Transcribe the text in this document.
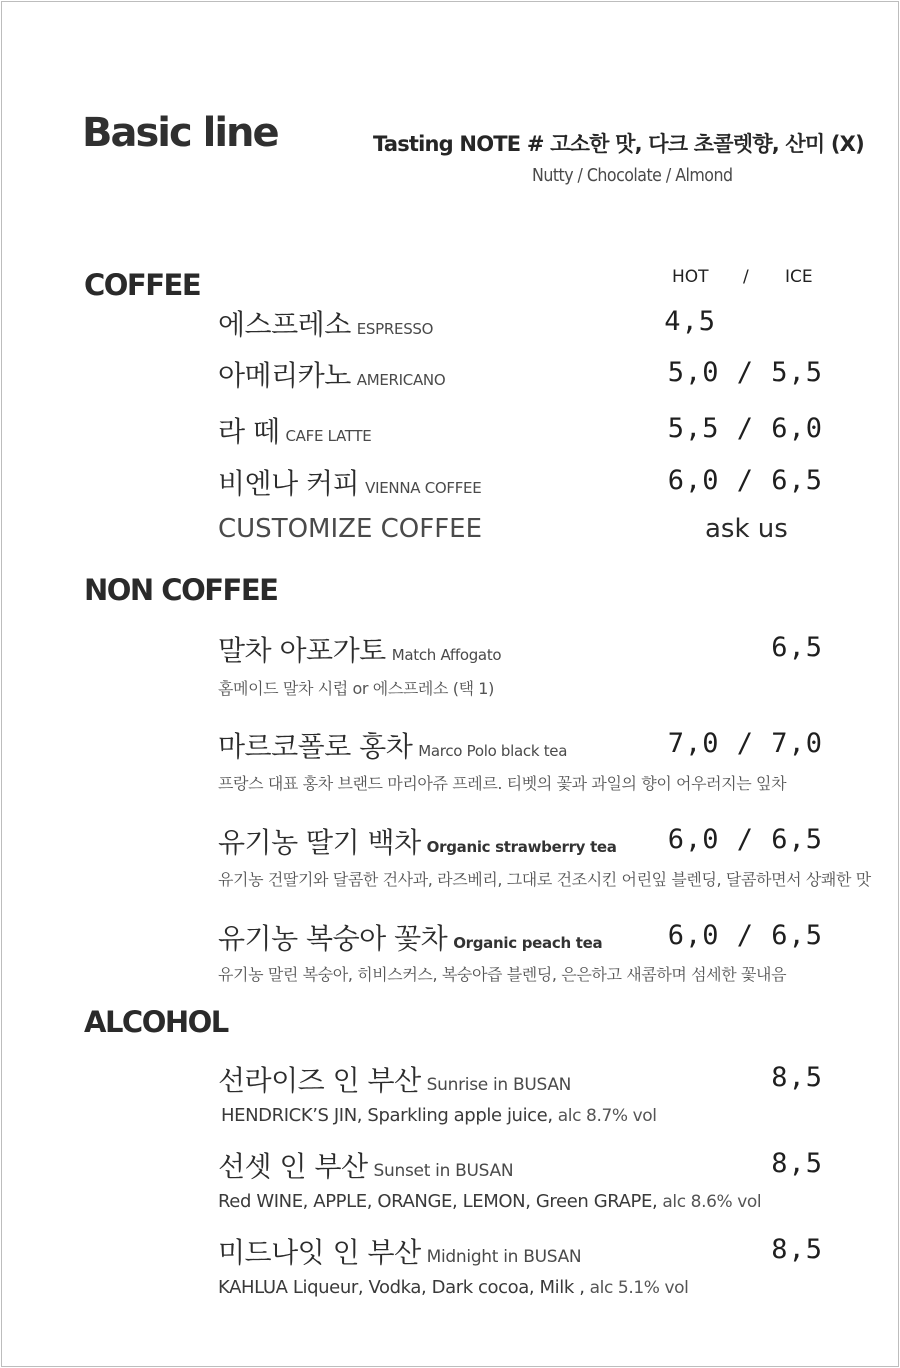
Basic line	Tasting NOTE # 고소한 맛, 다크 초콜렛향, 산미 (X)
Nutty / Chocolate / Almond
COFFEE	HOT / ICE
에스프레소 ESPRESSO	4,5
아메리카노 AMERICANO	5,0 / 5,5
라 떼 CAFE LATTE	5,5 / 6,0
비엔나 커피 VIENNA COFFEE	6,0 / 6,5
CUSTOMIZE COFFEE	ask us
NON COFFEE
말차 아포가토 Match Affogato	6,5
홈메이드 말차 시럽 or 에스프레소 (택 1)
마르코폴로 홍차 Marco Polo black tea	7,0 / 7,0
프랑스 대표 홍차 브랜드 마리아쥬 프레르. 티벳의 꽃과 과일의 향이 어우러지는 잎차
유기농 딸기 백차 Organic strawberry tea 6,0 / 6,5
유기농 건딸기와 달콤한 건사과, 라즈베리, 그대로 건조시킨 어린잎 블렌딩, 달콤하면서 상쾌한 맛
유기농 복숭아 꽃차 Organic peach tea 6,0 / 6,5
유기농 말린 복숭아, 히비스커스, 복숭아즙 블렌딩, 은은하고 새콤하며 섬세한 꽃내음
ALCOHOL
선라이즈 인 부산 Sunrise in BUSAN	8,5
HENDRICK’S JIN, Sparkling apple juice, alc 8.7% vol
선셋 인 부산 Sunset in BUSAN	8,5
Red WINE, APPLE, ORANGE, LEMON, Green GRAPE, alc 8.6% vol
미드나잇 인 부산 Midnight in BUSAN	8,5
KAHLUA Liqueur, Vodka, Dark cocoa, Milk , alc 5.1% vol
